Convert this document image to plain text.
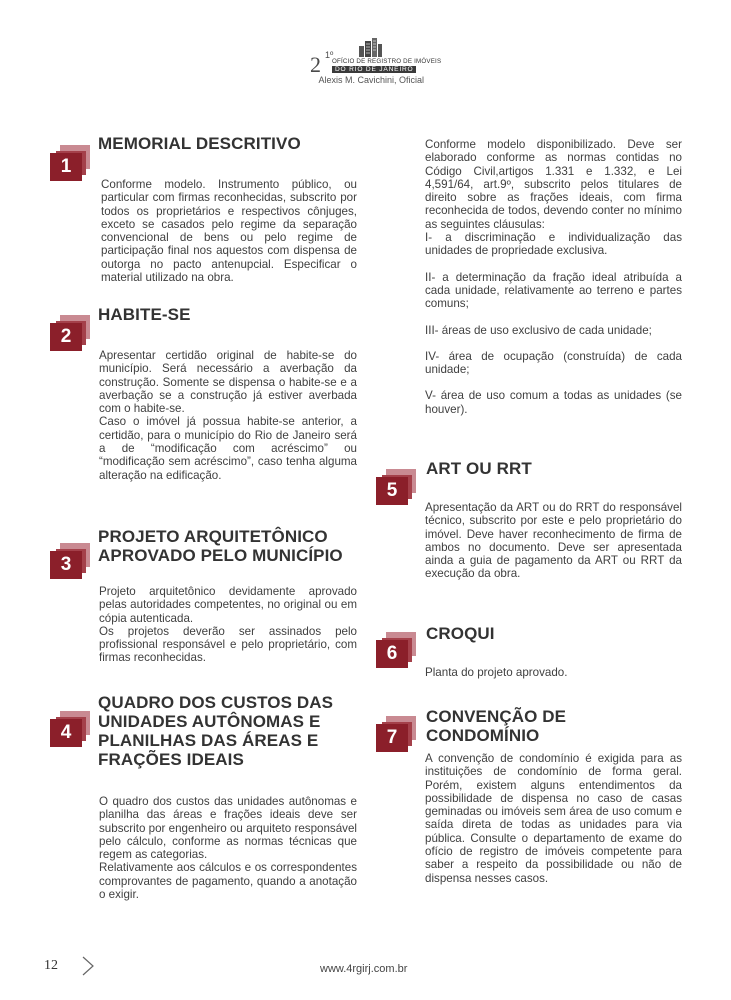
2 1º
OFÍCIO DE REGISTRO DE IMÓVEIS
DO RIO DE JANEIRO
Alexis M. Cavichini, Oficial
1
MEMORIAL DESCRITIVO

Conforme modelo. Instrumento público, ou particular com firmas reconhecidas, subscrito por todos os proprietários e respectivos cônjuges, exceto se casados pelo regime da separação convencional de bens ou pelo regime de participação final nos aquestos com dispensa de outorga no pacto antenupcial. Especificar o material utilizado na obra.

2
HABITE-SE

Apresentar certidão original de habite-se do município. Será necessário a averbação da construção. Somente se dispensa o habite-se e a averbação se a construção já estiver averbada com o habite-se.

Caso o imóvel já possua habite-se anterior, a certidão, para o município do Rio de Janeiro será a de “modificação com acréscimo” ou “modificação sem acréscimo”, caso tenha alguma alteração na edificação.

3
PROJETO ARQUITETÔNICO
APROVADO PELO MUNICÍPIO

Projeto arquitetônico devidamente aprovado pelas autoridades competentes, no original ou em cópia autenticada.

Os projetos deverão ser assinados pelo profissional responsável e pelo proprietário, com firmas reconhecidas.

4
QUADRO DOS CUSTOS DAS
UNIDADES AUTÔNOMAS E
PLANILHAS DAS ÁREAS E
FRAÇÕES IDEAIS

O quadro dos custos das unidades autônomas e planilha das áreas e frações ideais deve ser subscrito por engenheiro ou arquiteto responsável pelo cálculo, conforme as normas técnicas que regem as categorias.

Relativamente aos cálculos e os correspondentes comprovantes de pagamento, quando a anotação o exigir.

Conforme modelo disponibilizado. Deve ser elaborado conforme as normas contidas no Código Civil,artigos 1.331 e 1.332, e Lei 4,591/64, art.9º, subscrito pelos titulares de direito sobre as frações ideais, com firma reconhecida de todos, devendo conter no mínimo as seguintes cláusulas:

I- a discriminação e individualização das unidades de propriedade exclusiva.

II- a determinação da fração ideal atribuída a cada unidade, relativamente ao terreno e partes comuns;

III- áreas de uso exclusivo de cada unidade;

IV- área de ocupação (construída) de cada unidade;

V- área de uso comum a todas as unidades (se houver).

5
ART OU RRT

Apresentação da ART ou do RRT do responsável técnico, subscrito por este e pelo proprietário do imóvel. Deve haver reconhecimento de firma de ambos no documento. Deve ser apresentada ainda a guia de pagamento da ART ou RRT da execução da obra.

6
CROQUI

Planta do projeto aprovado.

7
CONVENÇÃO DE
CONDOMÍNIO

A convenção de condomínio é exigida para as instituições de condomínio de forma geral. Porém, existem alguns entendimentos da possibilidade de dispensa no caso de casas geminadas ou imóveis sem área de uso comum e saída direta de todas as unidades para via pública. Consulte o departamento de exame do ofício de registro de imóveis competente para saber a respeito da possibilidade ou não de dispensa nesses casos.

12	www.4rgirj.com.br
